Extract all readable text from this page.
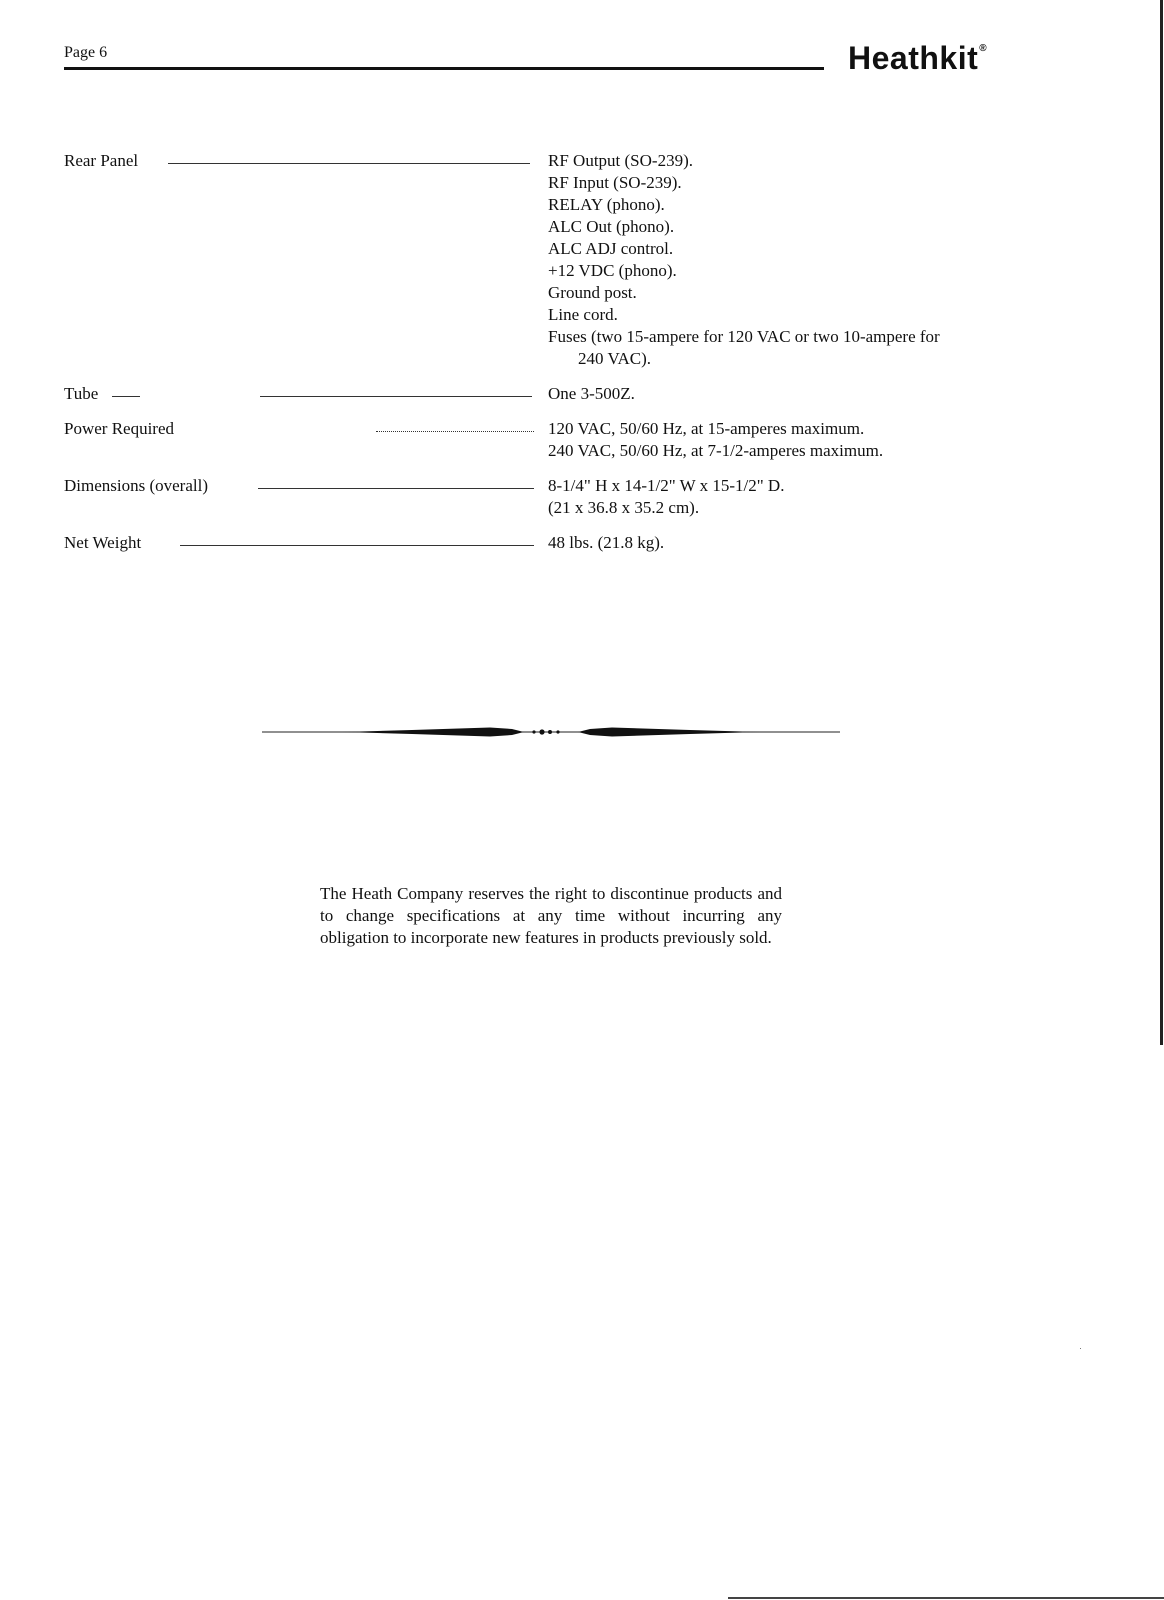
Page 6	Heathkit®
Rear Panel	RF Output (SO-239).
RF Input (SO-239).
RELAY (phono).
ALC Out (phono).
ALC ADJ control.
+12 VDC (phono).
Ground post.
Line cord.
Fuses (two 15-ampere for 120 VAC or two 10-ampere for
240 VAC).
Tube	One 3-500Z.
Power Required	120 VAC, 50/60 Hz, at 15-amperes maximum.
240 VAC, 50/60 Hz, at 7-1/2-amperes maximum.
Dimensions (overall)	8-1/4" H x 14-1/2" W x 15-1/2" D.
(21 x 36.8 x 35.2 cm).
Net Weight	48 lbs. (21.8 kg).

The Heath Company reserves the right to discontinue products and to change specifications at any time without incurring any obligation to incorporate new features in products previously sold.
